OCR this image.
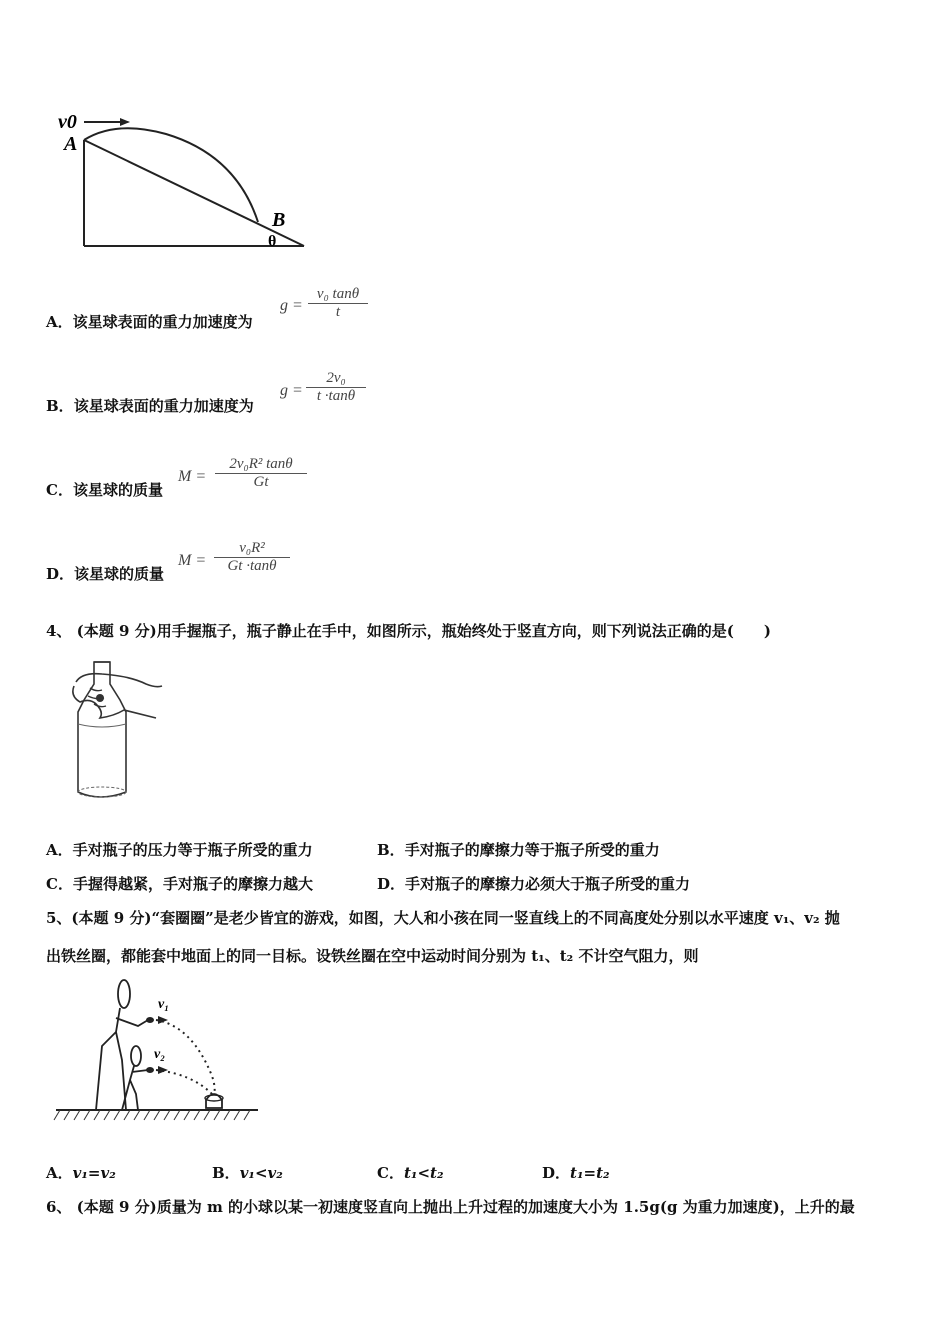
v0
A
B
θ
A．该星球表面的重力加速度为
$g = \frac{\text{v₀ tanθ}}{t}$
B．该星球表面的重力加速度为
$g = \frac{\text{2v₀}}{t \cdot\tan\theta}$
C．该星球的质量
$M = \frac{\text{2v₀R² tanθ}}{Gt}$
D．该星球的质量
$M = \frac{\text{v₀R²}}{Gt \cdot\tan\theta}$
4、 (本题 9 分)用手握瓶子，瓶子静止在手中，如图所示，瓶始终处于竖直方向，则下列说法正确的是(　　)
A．手对瓶子的压力等于瓶子所受的重力	B．手对瓶子的摩擦力等于瓶子所受的重力
C．手握得越紧，手对瓶子的摩擦力越大	D．手对瓶子的摩擦力必须大于瓶子所受的重力
5、(本题 9 分)“套圈圈”是老少皆宜的游戏，如图，大人和小孩在同一竖直线上的不同高度处分别以水平速度 v₁、v₂ 抛
出铁丝圈，都能套中地面上的同一目标。设铁丝圈在空中运动时间分别为 t₁、t₂ 不计空气阻力，则
v₁
v₂
A．v₁=v₂	B．v₁<v₂	C．t₁<t₂	D．t₁=t₂
6、 (本题 9 分)质量为 m 的小球以某一初速度竖直向上抛出上升过程的加速度大小为 1.5g(g 为重力加速度)，上升的最
